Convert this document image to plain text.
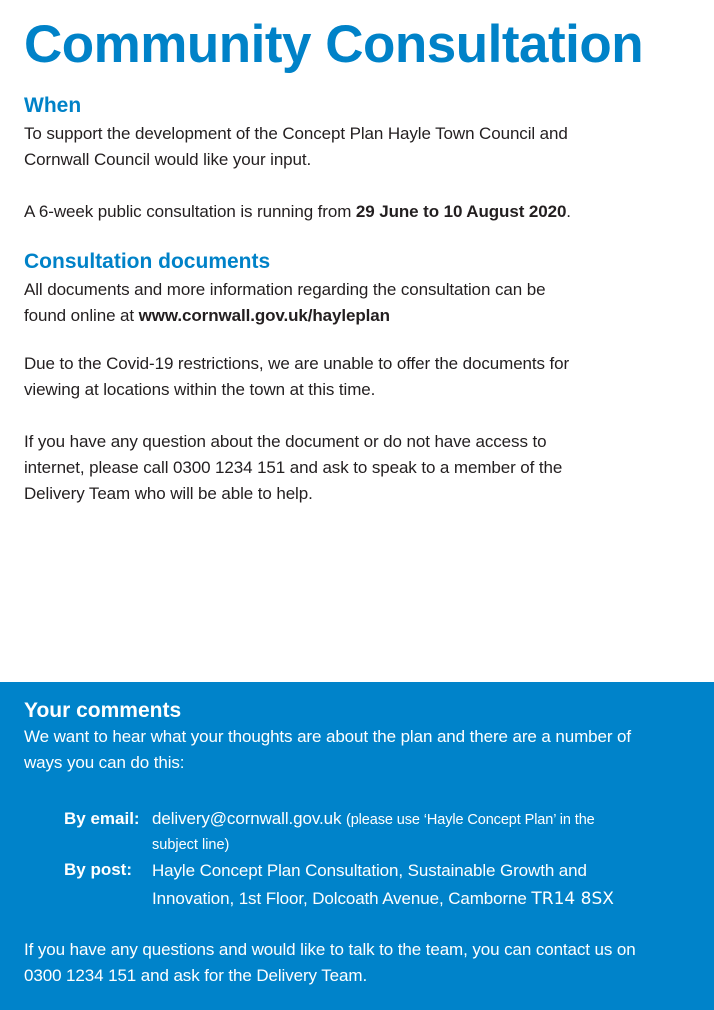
Community Consultation
When
To support the development of the Concept Plan Hayle Town Council and
Cornwall Council would like your input.
A 6-week public consultation is running from 29 June to 10 August 2020.
Consultation documents
All documents and more information regarding the consultation can be
found online at www.cornwall.gov.uk/hayleplan
Due to the Covid-19 restrictions, we are unable to offer the documents for
viewing at locations within the town at this time.
If you have any question about the document or do not have access to
internet, please call 0300 1234 151 and ask to speak to a member of the
Delivery Team who will be able to help.
Your comments
We want to hear what your thoughts are about the plan and there are a number of
ways you can do this:
By email: delivery@cornwall.gov.uk (please use ‘Hayle Concept Plan’ in the
subject line)
By post:	Hayle Concept Plan Consultation, Sustainable Growth and
Innovation, 1st Floor, Dolcoath Avenue, Camborne TR14 8SX
If you have any questions and would like to talk to the team, you can contact us on
0300 1234 151 and ask for the Delivery Team.
